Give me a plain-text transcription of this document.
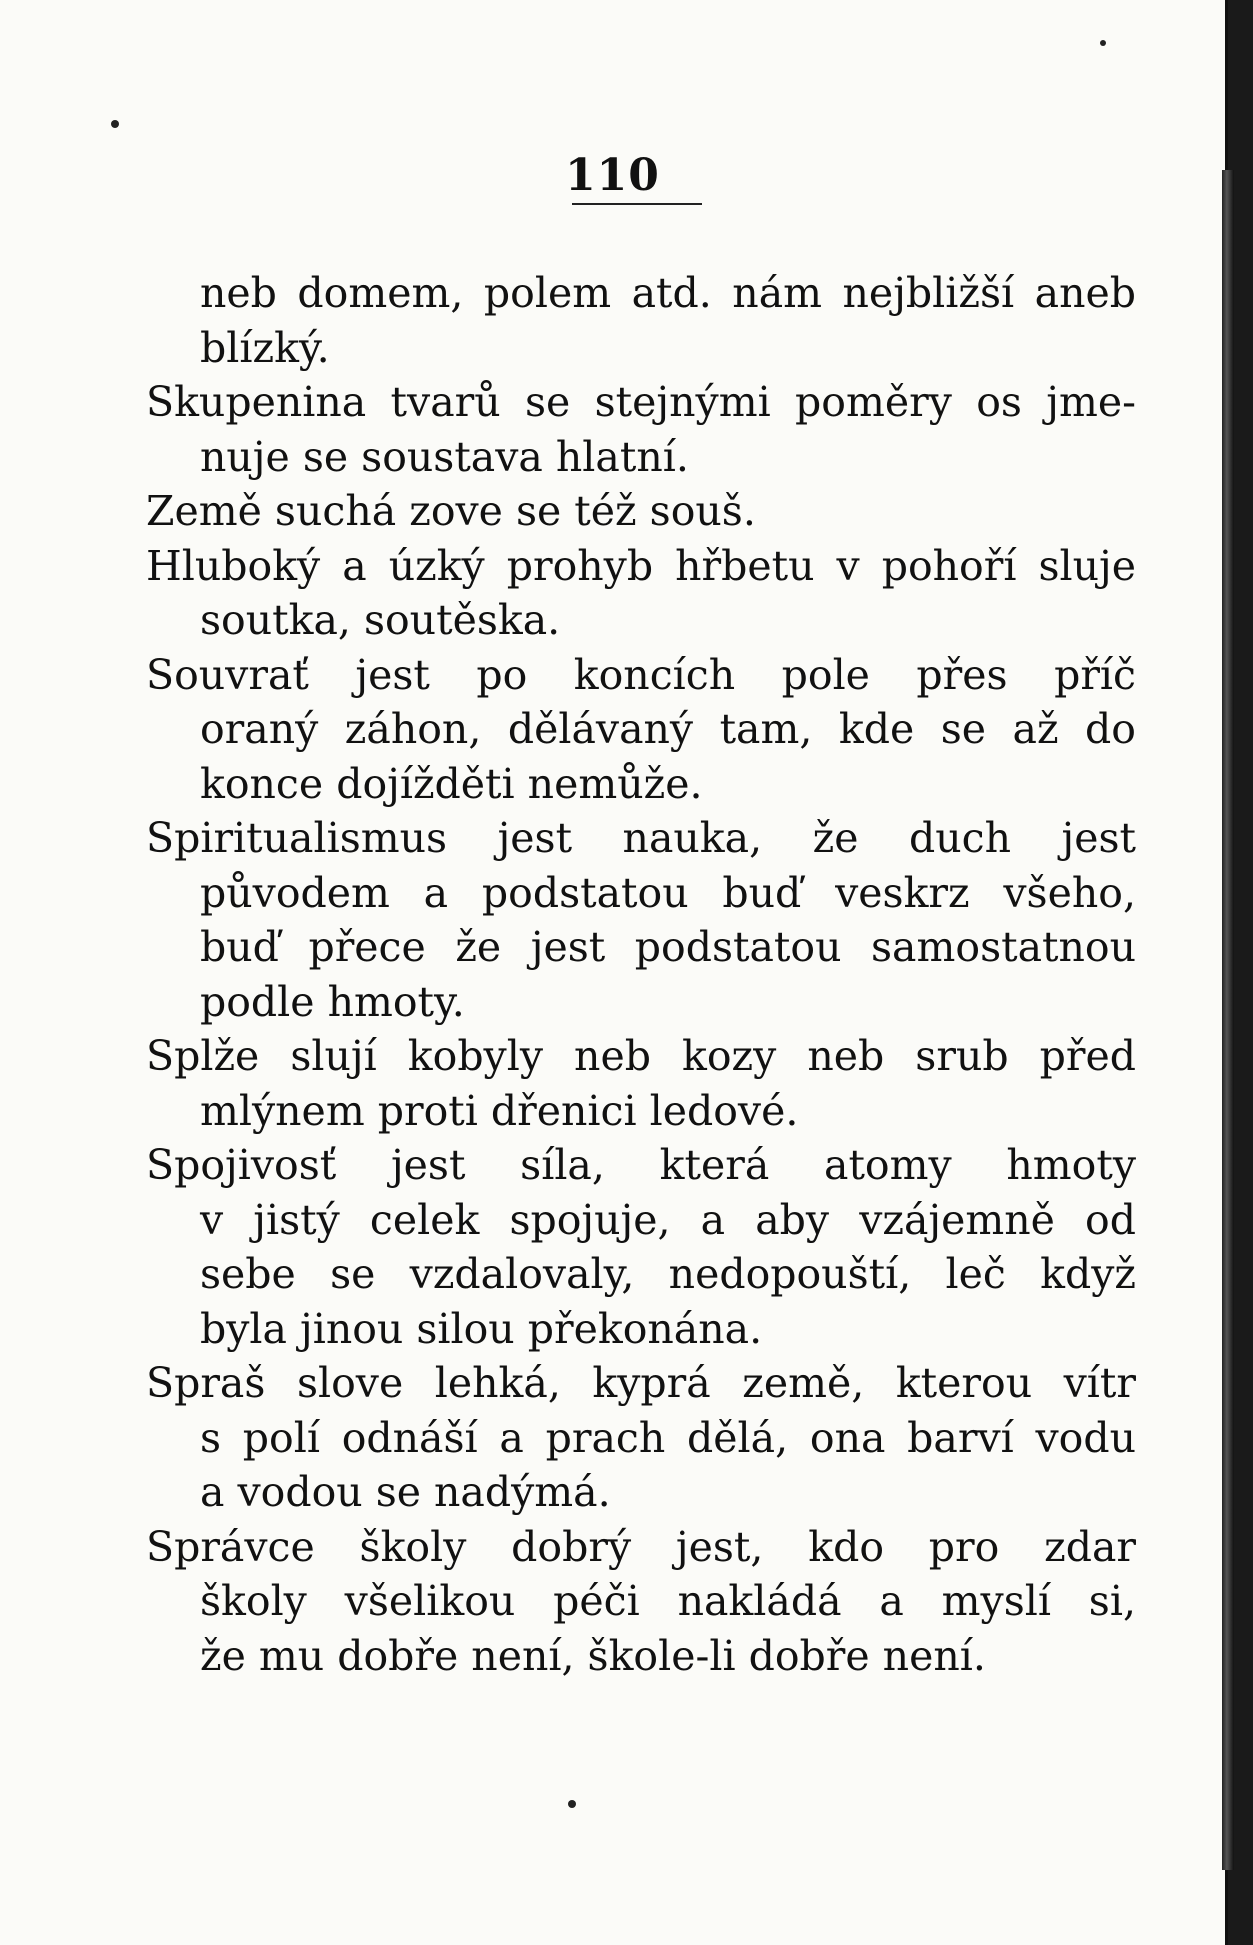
110
neb domem, polem atd. nám nejbližší aneb
blízký.
Skupenina tvarů se stejnými poměry os jme-
nuje se soustava hlatní.
Země suchá zove se též souš.
Hluboký a úzký prohyb hřbetu v pohoří sluje
soutka, soutěska.
Souvrať jest po koncích pole přes příč
oraný záhon, dělávaný tam, kde se až do
konce dojížděti nemůže.
Spiritualismus jest nauka, že duch jest
původem a podstatou buď veskrz všeho,
buď přece že jest podstatou samostatnou
podle hmoty.
Splže slují kobyly neb kozy neb srub před
mlýnem proti dřenici ledové.
Spojivosť jest síla, která atomy hmoty
v jistý celek spojuje, a aby vzájemně od
sebe se vzdalovaly, nedopouští, leč když
byla jinou silou překonána.
Spraš slove lehká, kyprá země, kterou vítr
s polí odnáší a prach dělá, ona barví vodu
a vodou se nadýmá.
Správce školy dobrý jest, kdo pro zdar
školy všelikou péči nakládá a myslí si,
že mu dobře není, škole-li dobře není.
